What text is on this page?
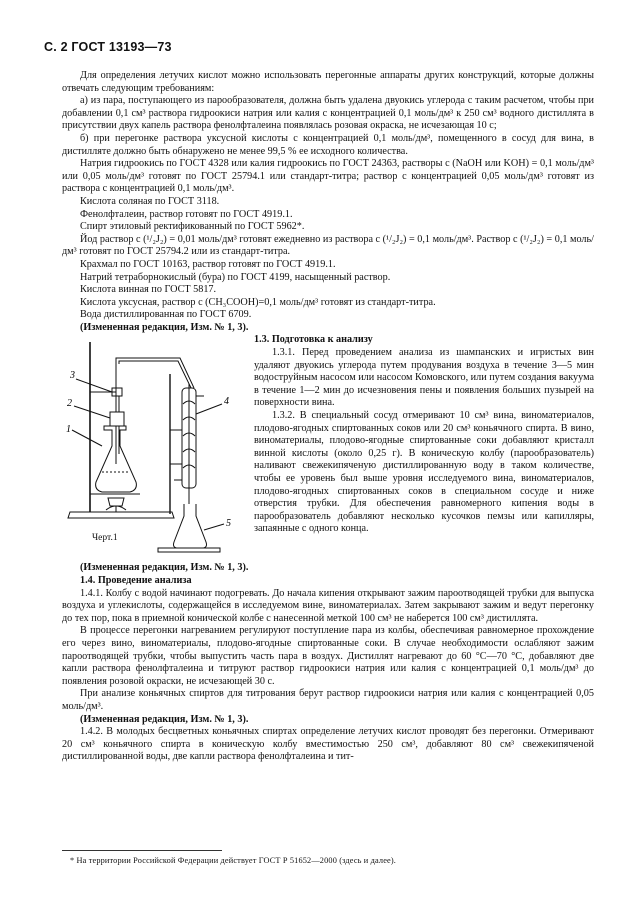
С. 2 ГОСТ 13193—73

Для определения летучих кислот можно использовать перегонные аппараты других конструкций, которые должны отвечать следующим требованиям:

а) из пара, поступающего из парообразователя, должна быть удалена двуокись углерода с таким расчетом, чтобы при добавлении 0,1 см³ раствора гидроокиси натрия или калия с концентрацией 0,1 моль/дм³ к 250 см³ водного дистиллята в присутствии двух капель раствора фенолфталеина появлялась розовая окраска, не исчезающая 10 с;

б) при перегонке раствора уксусной кислоты с концентрацией 0,1 моль/дм³, помещенного в сосуд для вина, в дистилляте должно быть обнаружено не менее 99,5 % ее исходного количества.

Натрия гидроокись по ГОСТ 4328 или калия гидроокись по ГОСТ 24363, растворы c (NaOH или KOH) = 0,1 моль/дм³ или 0,05 моль/дм³ готовят по ГОСТ 25794.1 или стандарт-титра; раствор с концентрацией 0,05 моль/дм³ готовят из раствора с концентрацией 0,1 моль/дм³.

Кислота соляная по ГОСТ 3118.

Фенолфталеин, раствор готовят по ГОСТ 4919.1.

Спирт этиловый ректификованный по ГОСТ 5962*.

Йод раствор c (¹/₂J₂) = 0,01 моль/дм³ готовят ежедневно из раствора c (¹/₂J₂) = 0,1 моль/дм³. Раствор c (¹/₂J₂) = 0,1 моль/дм³ готовят по ГОСТ 25794.2 или из стандарт-титра.

Крахмал по ГОСТ 10163, раствор готовят по ГОСТ 4919.1.

Натрий тетраборнокислый (бура) по ГОСТ 4199, насыщенный раствор.

Кислота винная по ГОСТ 5817.

Кислота уксусная, раствор c (CH₃COOH)=0,1 моль/дм³ готовят из стандарт-титра.

Вода дистиллированная по ГОСТ 6709.

(Измененная редакция, Изм. № 1, 3).

3
2
1
4
5
Черт.1

1.3. Подготовка к анализу

1.3.1. Перед проведением анализа из шампанских и игристых вин удаляют двуокись углерода путем продувания воздуха в течение 3—5 мин водоструйным насосом или насосом Комовского, или путем создания вакуума в течение 1—2 мин до исчезновения пены и появления больших пузырей на поверхности вина.

1.3.2. В специальный сосуд отмеривают 10 см³ вина, виноматериалов, плодово-ягодных спиртованных соков или 20 см³ коньячного спирта. В вино, виноматериалы, плодово-ягодные спиртованные соки добавляют кристалл винной кислоты (около 0,25 г). В коническую колбу (парообразователь) наливают свежекипяченую дистиллированную воду в таком количестве, чтобы ее уровень был выше уровня исследуемого вина, виноматериалов, плодово-ягодных спиртованных соков в специальном сосуде и ниже отверстия трубки. Для обеспечения равномерного кипения воды в парообразователь добавляют несколько кусочков пемзы или капилляры, запаянные с одного конца.

(Измененная редакция, Изм. № 1, 3).

1.4. Проведение анализа

1.4.1. Колбу с водой начинают подогревать. До начала кипения открывают зажим пароотводящей трубки для выпуска воздуха и углекислоты, содержащейся в исследуемом вине, виноматериалах. Затем закрывают зажим и ведут перегонку до тех пор, пока в приемной конической колбе с нанесенной меткой 100 см³ не наберется 100 см³ дистиллята.

В процессе перегонки нагреванием регулируют поступление пара из колбы, обеспечивая равномерное прохождение его через вино, виноматериалы, плодово-ягодные спиртованные соки. В случае необходимости ослабляют зажим пароотводящей трубки, чтобы выпустить часть пара в воздух. Дистиллят нагревают до 60 °С—70 °С, добавляют две капли раствора фенолфталеина и титруют раствор гидроокиси натрия или калия с концентрацией 0,1 моль/дм³ до появления розовой окраски, не исчезающей 30 с.

При анализе коньячных спиртов для титрования берут раствор гидроокиси натрия или калия с концентрацией 0,05 моль/дм³.

(Измененная редакция, Изм. № 1, 3).

1.4.2. В молодых бесцветных коньячных спиртах определение летучих кислот проводят без перегонки. Отмеривают 20 см³ коньячного спирта в коническую колбу вместимостью 250 см³, добавляют 80 см³ свежекипяченой дистиллированной воды, две капли раствора фенолфталеина и тит-

* На территории Российской Федерации действует ГОСТ Р 51652—2000 (здесь и далее).
